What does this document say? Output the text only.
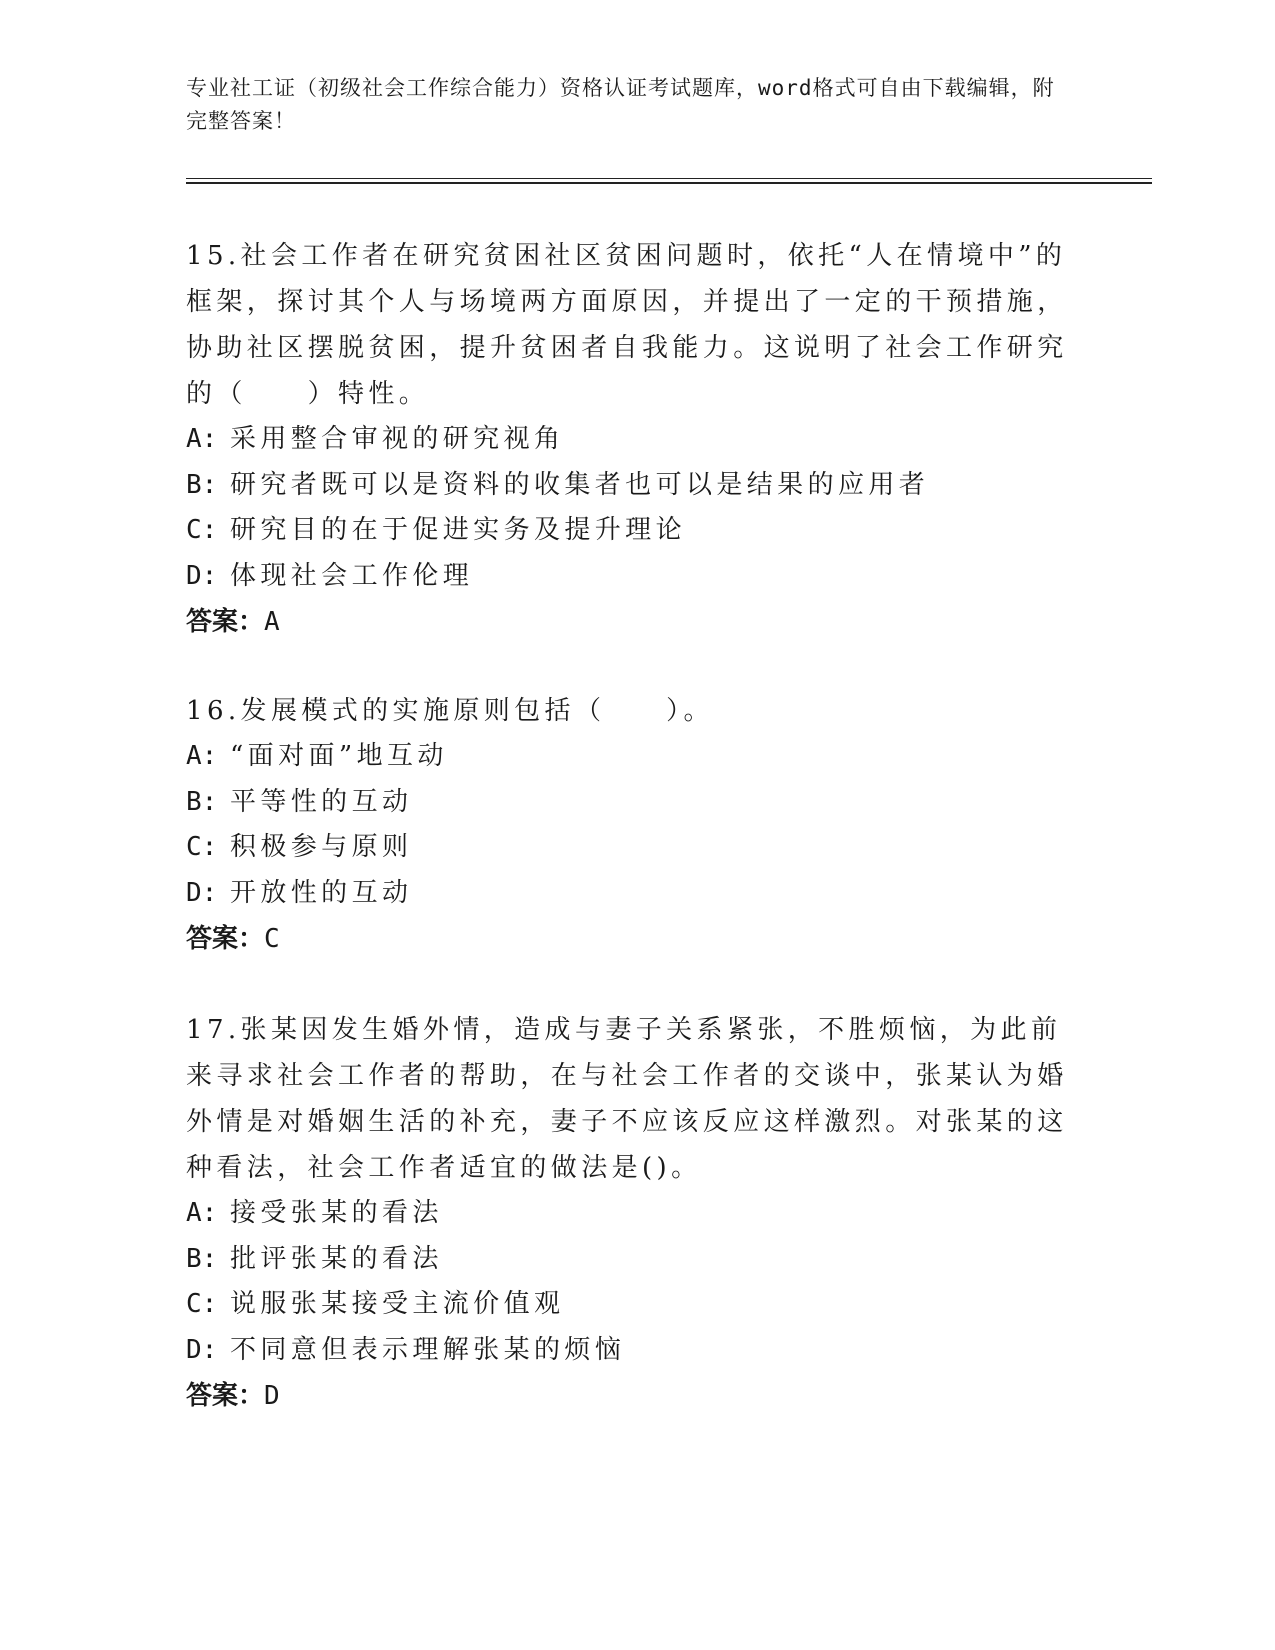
专业社工证（初级社会工作综合能力）资格认证考试题库，word格式可自由下载编辑，附完整答案！

15.社会工作者在研究贫困社区贫困问题时，依托“人在情境中”的框架，探讨其个人与场境两方面原因，并提出了一定的干预措施，协助社区摆脱贫困，提升贫困者自我能力。这说明了社会工作研究的（　　）特性。

A: 采用整合审视的研究视角

B: 研究者既可以是资料的收集者也可以是结果的应用者

C: 研究目的在于促进实务及提升理论

D: 体现社会工作伦理

答案：A

16.发展模式的实施原则包括（　　）。

A: “面对面”地互动

B: 平等性的互动

C: 积极参与原则

D: 开放性的互动

答案：C

17.张某因发生婚外情，造成与妻子关系紧张，不胜烦恼，为此前来寻求社会工作者的帮助，在与社会工作者的交谈中，张某认为婚外情是对婚姻生活的补充，妻子不应该反应这样激烈。对张某的这种看法，社会工作者适宜的做法是()。

A: 接受张某的看法

B: 批评张某的看法

C: 说服张某接受主流价值观

D: 不同意但表示理解张某的烦恼

答案：D
